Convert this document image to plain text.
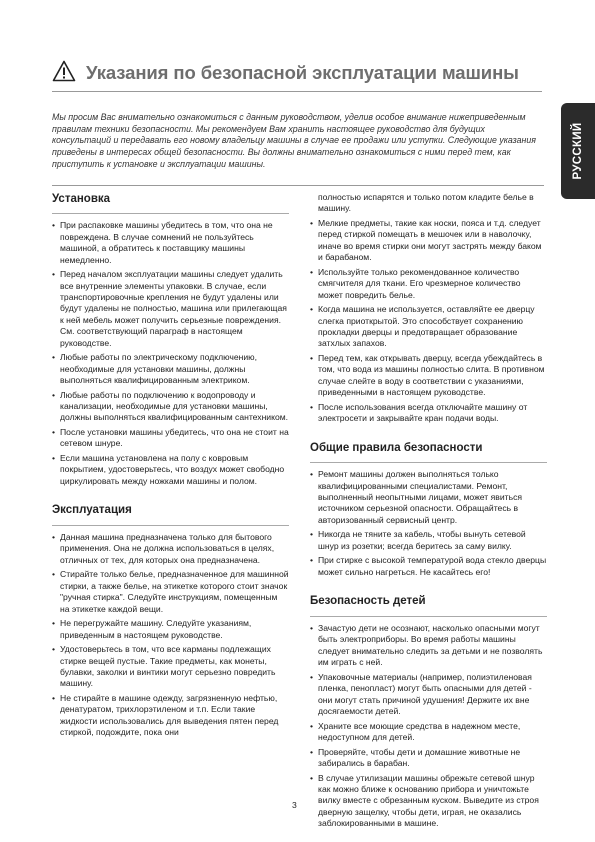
Указания по безопасной эксплуатации машины
РУССКИЙ
Мы просим Вас внимательно ознакомиться с данным руководством, уделив особое внимание нижеприведенным правилам техники безопасности. Мы рекомендуем Вам хранить настоящее руководство для будущих консультаций и передавать его новому владельцу машины в случае ее продажи или уступки. Следующие указания приведены в интересах общей безопасности. Вы должны внимательно ознакомиться с ними перед тем, как приступить к установке и эксплуатации машины.
Установка
• При распаковке машины убедитесь в том, что она не повреждена. В случае сомнений не пользуйтесь машиной, а обратитесь к поставщику машины немедленно.
• Перед началом эксплуатации машины следует удалить все внутренние элементы упаковки. В случае, если транспортировочные крепления не будут удалены или будут удалены не полностью, машина или прилегающая к ней мебель может получить серьезные повреждения. См. соответствующий параграф в настоящем руководстве.
• Любые работы по электрическому подключению, необходимые для установки машины, должны выполняться квалифицированным электриком.
• Любые работы по подключению к водопроводу и канализации, необходимые для установки машины, должны выполняться квалифицированным сантехником.
• После установки машины убедитесь, что она не стоит на сетевом шнуре.
• Если машина установлена на полу с ковровым покрытием, удостоверьтесь, что воздух может свободно циркулировать между ножками машины и полом.
Эксплуатация
• Данная машина предназначена только для бытового применения. Она не должна использоваться в целях, отличных от тех, для которых она предназначена.
• Стирайте только белье, предназначенное для машинной стирки, а также белье, на этикетке которого стоит значок "ручная стирка". Следуйте инструкциям, помещенным на этикетке каждой вещи.
• Не перегружайте машину. Следуйте указаниям, приведенным в настоящем руководстве.
• Удостоверьтесь в том, что все карманы подлежащих стирке вещей пустые. Такие предметы, как монеты, булавки, заколки и винтики могут серьезно повредить машину.
• Не стирайте в машине одежду, загрязненную нефтью, денатуратом, трихлорэтиленом и т.п. Если такие жидкости использовались для выведения пятен перед стиркой, подождите, пока они
полностью испарятся и только потом кладите белье в машину.
• Мелкие предметы, такие как носки, пояса и т.д. следует перед стиркой помещать в мешочек или в наволочку, иначе во время стирки они могут застрять между баком и барабаном.
• Используйте только рекомендованное количество смягчителя для ткани. Его чрезмерное количество может повредить белье.
• Когда машина не используется, оставляйте ее дверцу слегка приоткрытой. Это способствует сохранению прокладки дверцы и предотвращает образование затхлых запахов.
• Перед тем, как открывать дверцу, всегда убеждайтесь в том, что вода из машины полностью слита. В противном случае слейте в воду в соответствии с указаниями, приведенными в настоящем руководстве.
• После использования всегда отключайте машину от электросети и закрывайте кран подачи воды.
Общие правила безопасности
• Ремонт машины должен выполняться только квалифицированными специалистами. Ремонт, выполненный неопытными лицами, может явиться источником серьезной опасности. Обращайтесь в авторизованный сервисный центр.
• Никогда не тяните за кабель, чтобы вынуть сетевой шнур из розетки; всегда беритесь за саму вилку.
• При стирке с высокой температурой вода стекло дверцы может сильно нагреться. Не касайтесь его!
Безопасность детей
• Зачастую дети не осознают, насколько опасными могут быть электроприборы. Во время работы машины следует внимательно следить за детьми и не позволять им играть с ней.
• Упаковочные материалы (например, полиэтиленовая пленка, пенопласт) могут быть опасными для детей - они могут стать причиной удушения! Держите их вне досягаемости детей.
• Храните все моющие средства в надежном месте, недоступном для детей.
• Проверяйте, чтобы дети и домашние животные не забирались в барабан.
• В случае утилизации машины обрежьте сетевой шнур как можно ближе к основанию прибора и уничтожьте вилку вместе с обрезанным куском. Выведите из строя дверную защелку, чтобы дети, играя, не оказались заблокированными в машине.
3
